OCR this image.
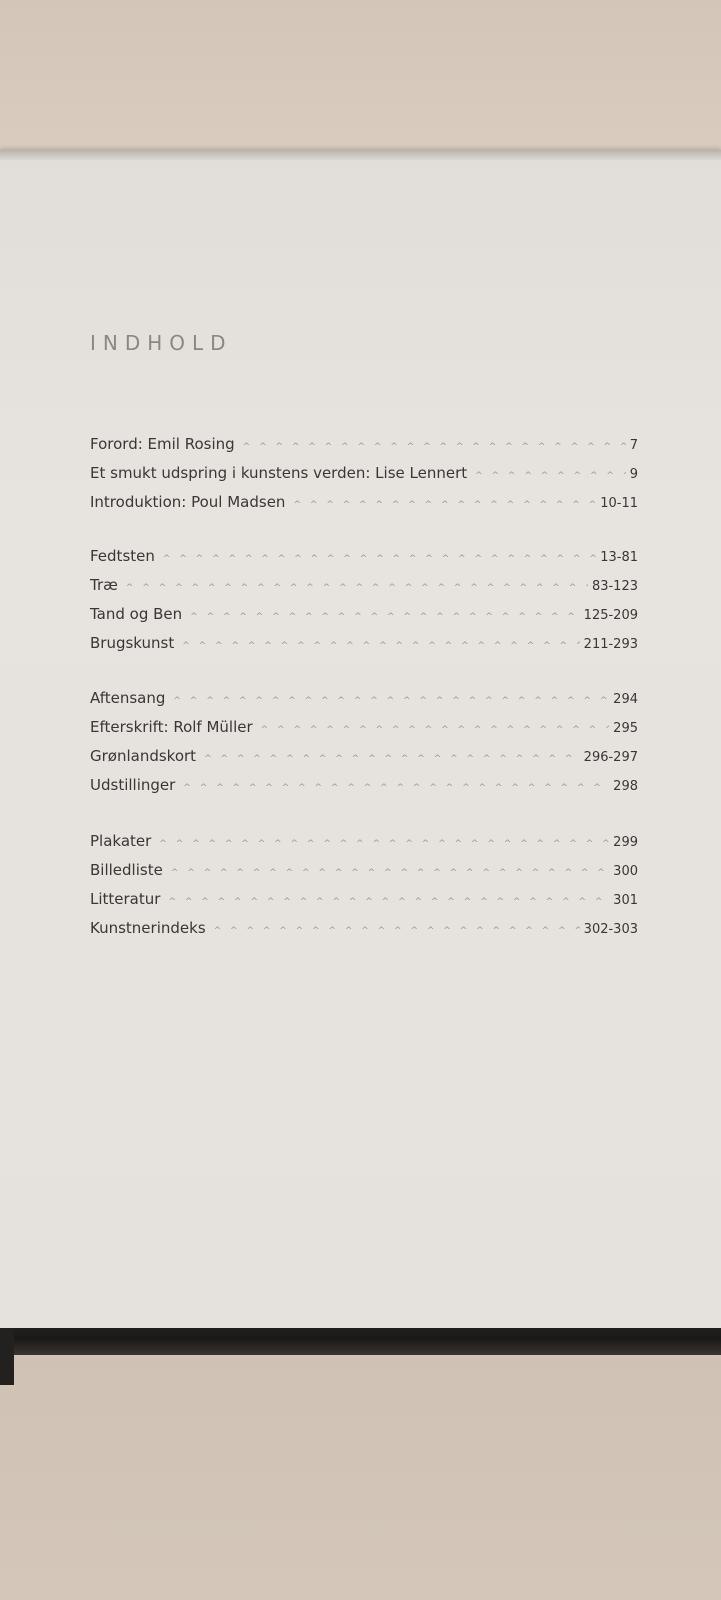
INDHOLD
Forord: Emil Rosing ^ ^ ^ ^ ^ ^ ^ ^ ^ ^ ^ ^ ^ ^ ^ ^ ^ ^ ^ ^ ^ ^ ^ ^ ^ ^ ^ ^ ^ ^ ^ ^ ^ ^ ^ ^ ^ ^ ^ ^ ^ ^ ^ ^ ^ ^ ^ ^ ^ ^	7
Et smukt udspring i kunstens verden: Lise Lennert ^ ^ ^ ^ ^ ^ ^ ^ ^ ^ ^ ^ ^ ^ ^ ^ ^ ^ ^ ^ ^ ^ ^ ^ ^ ^ ^ ^ ^ ^ ^ ^ ^ ^ ^ ^ ^ ^ ^ ^ ^ ^ ^ ^ ^ ^ ^ ^ ^ ^	9
Introduktion: Poul Madsen ^ ^ ^ ^ ^ ^ ^ ^ ^ ^ ^ ^ ^ ^ ^ ^ ^ ^ ^ ^ ^ ^ ^ ^ ^ ^ ^ ^ ^ ^ ^ ^ ^ ^ ^ ^ ^ ^ ^ ^ ^ ^ ^ ^ ^ ^ ^ ^ ^ ^	10-11
Fedtsten ^ ^ ^ ^ ^ ^ ^ ^ ^ ^ ^ ^ ^ ^ ^ ^ ^ ^ ^ ^ ^ ^ ^ ^ ^ ^ ^ ^ ^ ^ ^ ^ ^ ^ ^ ^ ^ ^ ^ ^ ^ ^ ^ ^ ^ ^ ^ ^ ^ ^	13-81
Træ ^ ^ ^ ^ ^ ^ ^ ^ ^ ^ ^ ^ ^ ^ ^ ^ ^ ^ ^ ^ ^ ^ ^ ^ ^ ^ ^ ^ ^ ^ ^ ^ ^ ^ ^ ^ ^ ^ ^ ^ ^ ^ ^ ^ ^ ^ ^ ^ ^ ^	83-123
Tand og Ben ^ ^ ^ ^ ^ ^ ^ ^ ^ ^ ^ ^ ^ ^ ^ ^ ^ ^ ^ ^ ^ ^ ^ ^ ^ ^ ^ ^ ^ ^ ^ ^ ^ ^ ^ ^ ^ ^ ^ ^ ^ ^ ^ ^ ^ ^ ^ ^ ^ ^	125-209
Brugskunst ^ ^ ^ ^ ^ ^ ^ ^ ^ ^ ^ ^ ^ ^ ^ ^ ^ ^ ^ ^ ^ ^ ^ ^ ^ ^ ^ ^ ^ ^ ^ ^ ^ ^ ^ ^ ^ ^ ^ ^ ^ ^ ^ ^ ^ ^ ^ ^ ^ ^	211-293
Aftensang ^ ^ ^ ^ ^ ^ ^ ^ ^ ^ ^ ^ ^ ^ ^ ^ ^ ^ ^ ^ ^ ^ ^ ^ ^ ^ ^ ^ ^ ^ ^ ^ ^ ^ ^ ^ ^ ^ ^ ^ ^ ^ ^ ^ ^ ^ ^ ^ ^ ^	294
Efterskrift: Rolf Müller ^ ^ ^ ^ ^ ^ ^ ^ ^ ^ ^ ^ ^ ^ ^ ^ ^ ^ ^ ^ ^ ^ ^ ^ ^ ^ ^ ^ ^ ^ ^ ^ ^ ^ ^ ^ ^ ^ ^ ^ ^ ^ ^ ^ ^ ^ ^ ^ ^ ^	295
Grønlandskort ^ ^ ^ ^ ^ ^ ^ ^ ^ ^ ^ ^ ^ ^ ^ ^ ^ ^ ^ ^ ^ ^ ^ ^ ^ ^ ^ ^ ^ ^ ^ ^ ^ ^ ^ ^ ^ ^ ^ ^ ^ ^ ^ ^ ^ ^ ^ ^ ^ ^	296-297
Udstillinger ^ ^ ^ ^ ^ ^ ^ ^ ^ ^ ^ ^ ^ ^ ^ ^ ^ ^ ^ ^ ^ ^ ^ ^ ^ ^ ^ ^ ^ ^ ^ ^ ^ ^ ^ ^ ^ ^ ^ ^ ^ ^ ^ ^ ^ ^ ^ ^ ^ ^	298
Plakater ^ ^ ^ ^ ^ ^ ^ ^ ^ ^ ^ ^ ^ ^ ^ ^ ^ ^ ^ ^ ^ ^ ^ ^ ^ ^ ^ ^ ^ ^ ^ ^ ^ ^ ^ ^ ^ ^ ^ ^ ^ ^ ^ ^ ^ ^ ^ ^ ^ ^	299
Billedliste ^ ^ ^ ^ ^ ^ ^ ^ ^ ^ ^ ^ ^ ^ ^ ^ ^ ^ ^ ^ ^ ^ ^ ^ ^ ^ ^ ^ ^ ^ ^ ^ ^ ^ ^ ^ ^ ^ ^ ^ ^ ^ ^ ^ ^ ^ ^ ^ ^ ^	300
Litteratur ^ ^ ^ ^ ^ ^ ^ ^ ^ ^ ^ ^ ^ ^ ^ ^ ^ ^ ^ ^ ^ ^ ^ ^ ^ ^ ^ ^ ^ ^ ^ ^ ^ ^ ^ ^ ^ ^ ^ ^ ^ ^ ^ ^ ^ ^ ^ ^ ^ ^	301
Kunstnerindeks ^ ^ ^ ^ ^ ^ ^ ^ ^ ^ ^ ^ ^ ^ ^ ^ ^ ^ ^ ^ ^ ^ ^ ^ ^ ^ ^ ^ ^ ^ ^ ^ ^ ^ ^ ^ ^ ^ ^ ^ ^ ^ ^ ^ ^ ^ ^ ^ ^ ^	302-303
